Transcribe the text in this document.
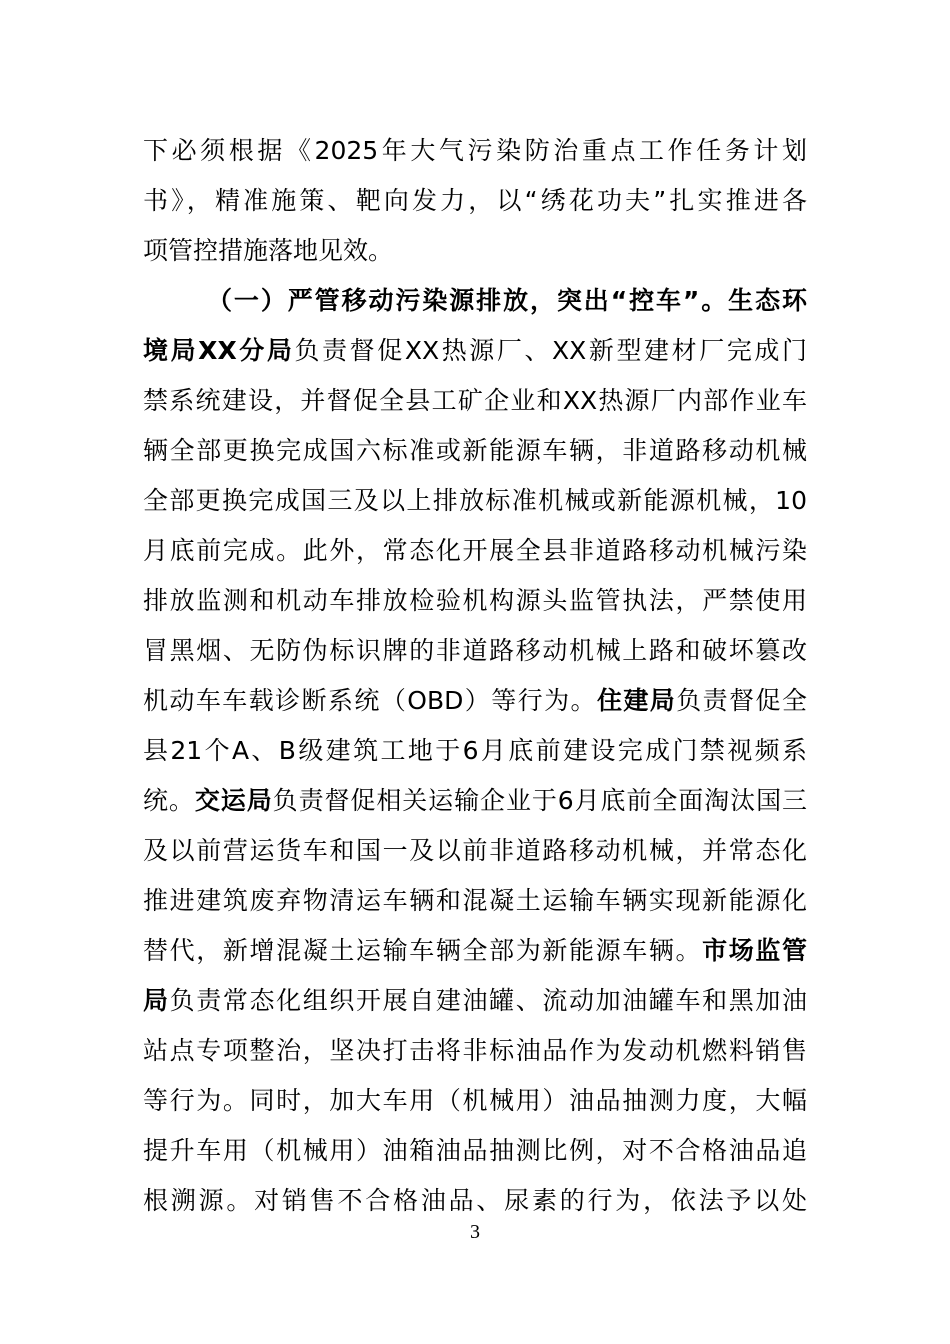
下必须根据《2025年大气污染防治重点工作任务计划
书》，精准施策、靶向发力，以“绣花功夫”扎实推进各
项管控措施落地见效。
（一）严管移动污染源排放，突出“控车”。生态环
境局XX分局负责督促XX热源厂、XX新型建材厂完成门
禁系统建设，并督促全县工矿企业和XX热源厂内部作业车
辆全部更换完成国六标准或新能源车辆，非道路移动机械
全部更换完成国三及以上排放标准机械或新能源机械，10
月底前完成。此外，常态化开展全县非道路移动机械污染
排放监测和机动车排放检验机构源头监管执法，严禁使用
冒黑烟、无防伪标识牌的非道路移动机械上路和破坏篡改
机动车车载诊断系统（OBD）等行为。住建局负责督促全
县21个A、B级建筑工地于6月底前建设完成门禁视频系
统。交运局负责督促相关运输企业于6月底前全面淘汰国三
及以前营运货车和国一及以前非道路移动机械，并常态化
推进建筑废弃物清运车辆和混凝土运输车辆实现新能源化
替代，新增混凝土运输车辆全部为新能源车辆。市场监管
局负责常态化组织开展自建油罐、流动加油罐车和黑加油
站点专项整治，坚决打击将非标油品作为发动机燃料销售
等行为。同时，加大车用（机械用）油品抽测力度，大幅
提升车用（机械用）油箱油品抽测比例，对不合格油品追
根溯源。对销售不合格油品、尿素的行为，依法予以处
3
